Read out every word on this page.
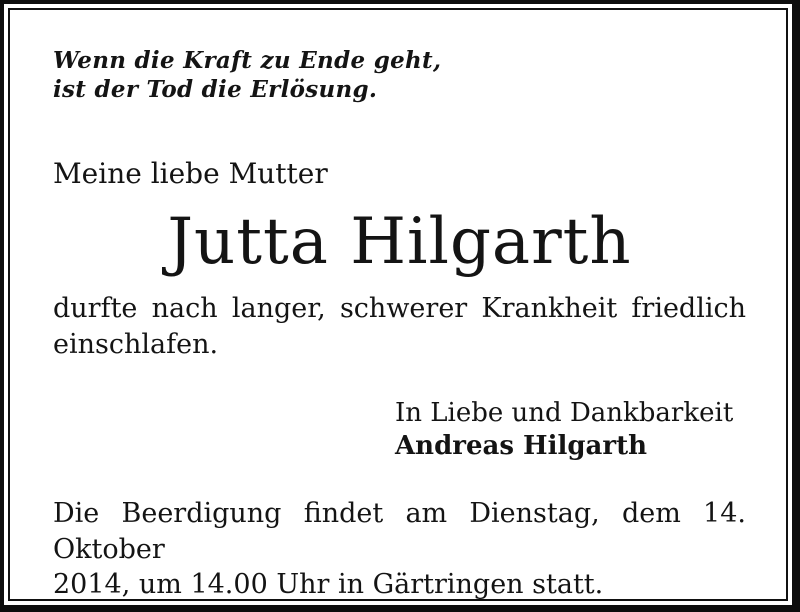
Wenn die Kraft zu Ende geht,
ist der Tod die Erlösung.
Meine liebe Mutter
Jutta Hilgarth
durfte nach langer, schwerer Krankheit friedlich
einschlafen.
In Liebe und Dankbarkeit
Andreas Hilgarth
Die Beerdigung findet am Dienstag, dem 14. Oktober
2014, um 14.00 Uhr in Gärtringen statt.
